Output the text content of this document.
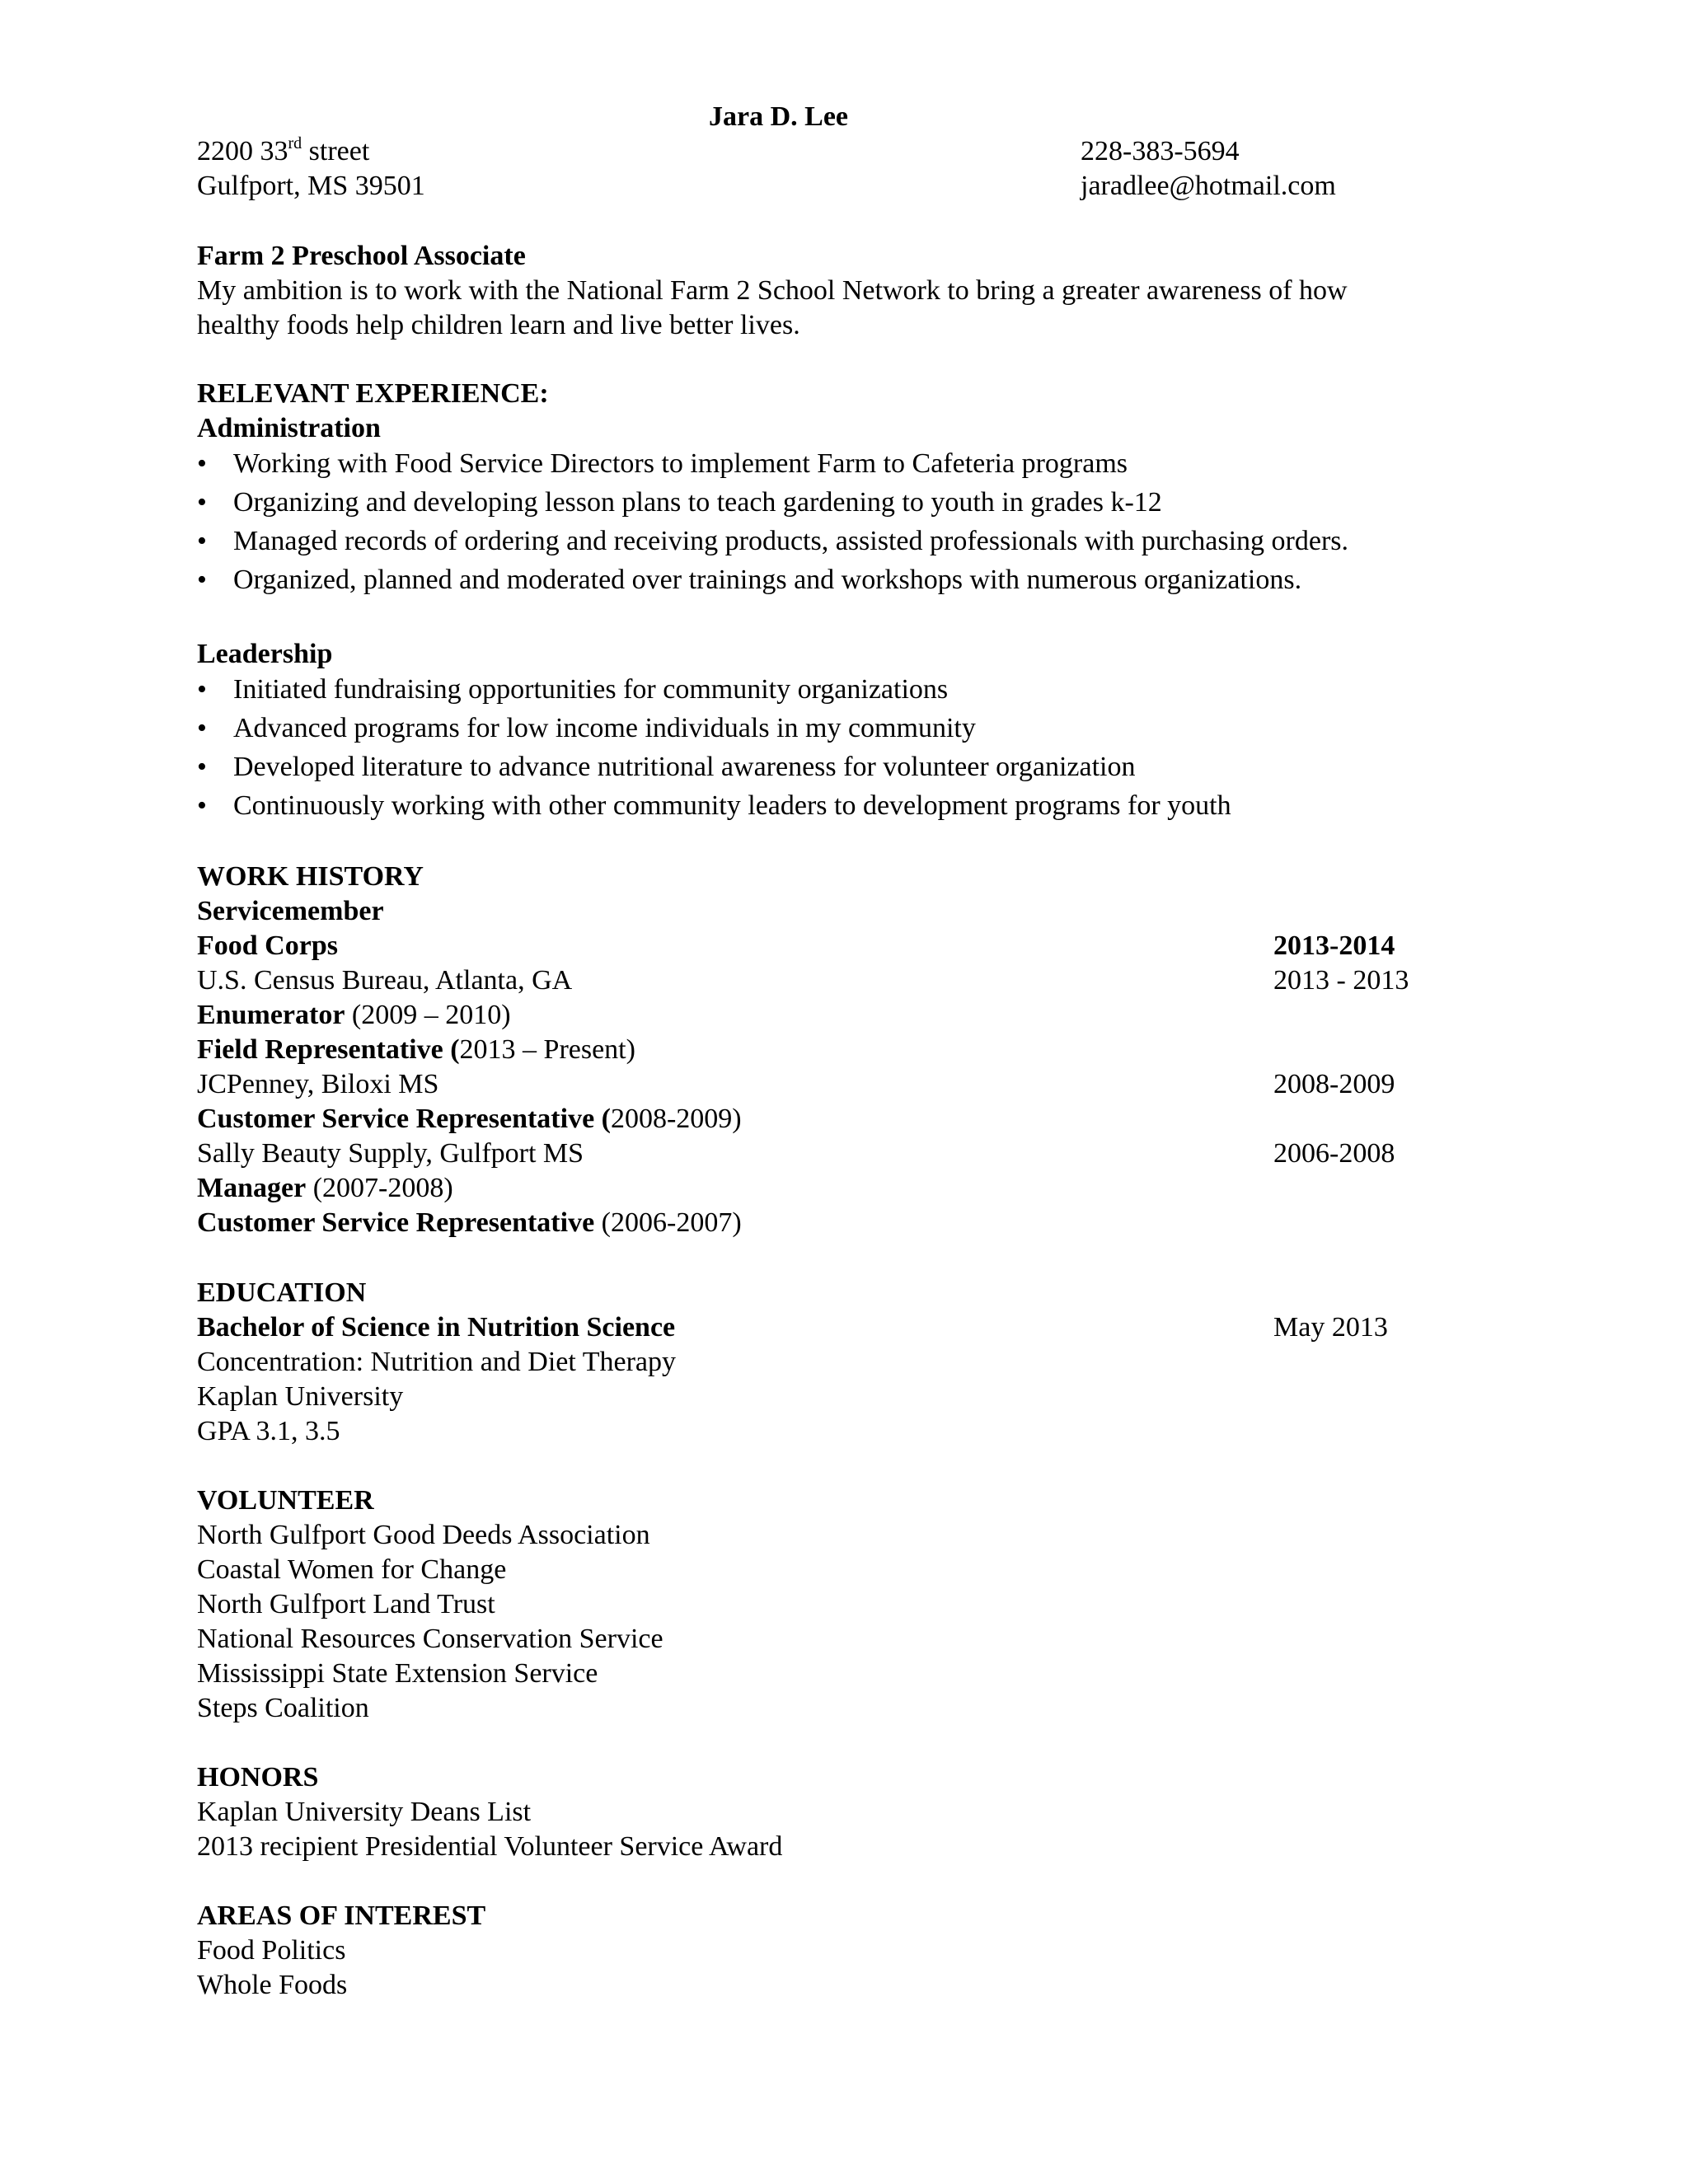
Jara D. Lee
2200 33rd street
Gulfport, MS 39501
228-383-5694
jaradlee@hotmail.com
Farm 2 Preschool Associate
My ambition is to work with the National Farm 2 School Network to bring a greater awareness of how
healthy foods help children learn and live better lives.
RELEVANT EXPERIENCE:
Administration
• Working with Food Service Directors to implement Farm to Cafeteria programs
• Organizing and developing lesson plans to teach gardening to youth in grades k-12
• Managed records of ordering and receiving products, assisted professionals with purchasing orders.
• Organized, planned and moderated over trainings and workshops with numerous organizations.
Leadership
• Initiated fundraising opportunities for community organizations
• Advanced programs for low income individuals in my community
• Developed literature to advance nutritional awareness for volunteer organization
• Continuously working with other community leaders to development programs for youth
WORK HISTORY
Servicemember
Food Corps	2013-2014
U.S. Census Bureau, Atlanta, GA	2013 - 2013
Enumerator (2009 – 2010)
Field Representative (2013 – Present)
JCPenney, Biloxi MS	2008-2009
Customer Service Representative (2008-2009)
Sally Beauty Supply, Gulfport MS	2006-2008
Manager (2007-2008)
Customer Service Representative (2006-2007)
EDUCATION
Bachelor of Science in Nutrition Science	May 2013
Concentration: Nutrition and Diet Therapy
Kaplan University
GPA 3.1, 3.5
VOLUNTEER
North Gulfport Good Deeds Association
Coastal Women for Change
North Gulfport Land Trust
National Resources Conservation Service
Mississippi State Extension Service
Steps Coalition
HONORS
Kaplan University Deans List
2013 recipient Presidential Volunteer Service Award
AREAS OF INTEREST
Food Politics
Whole Foods
